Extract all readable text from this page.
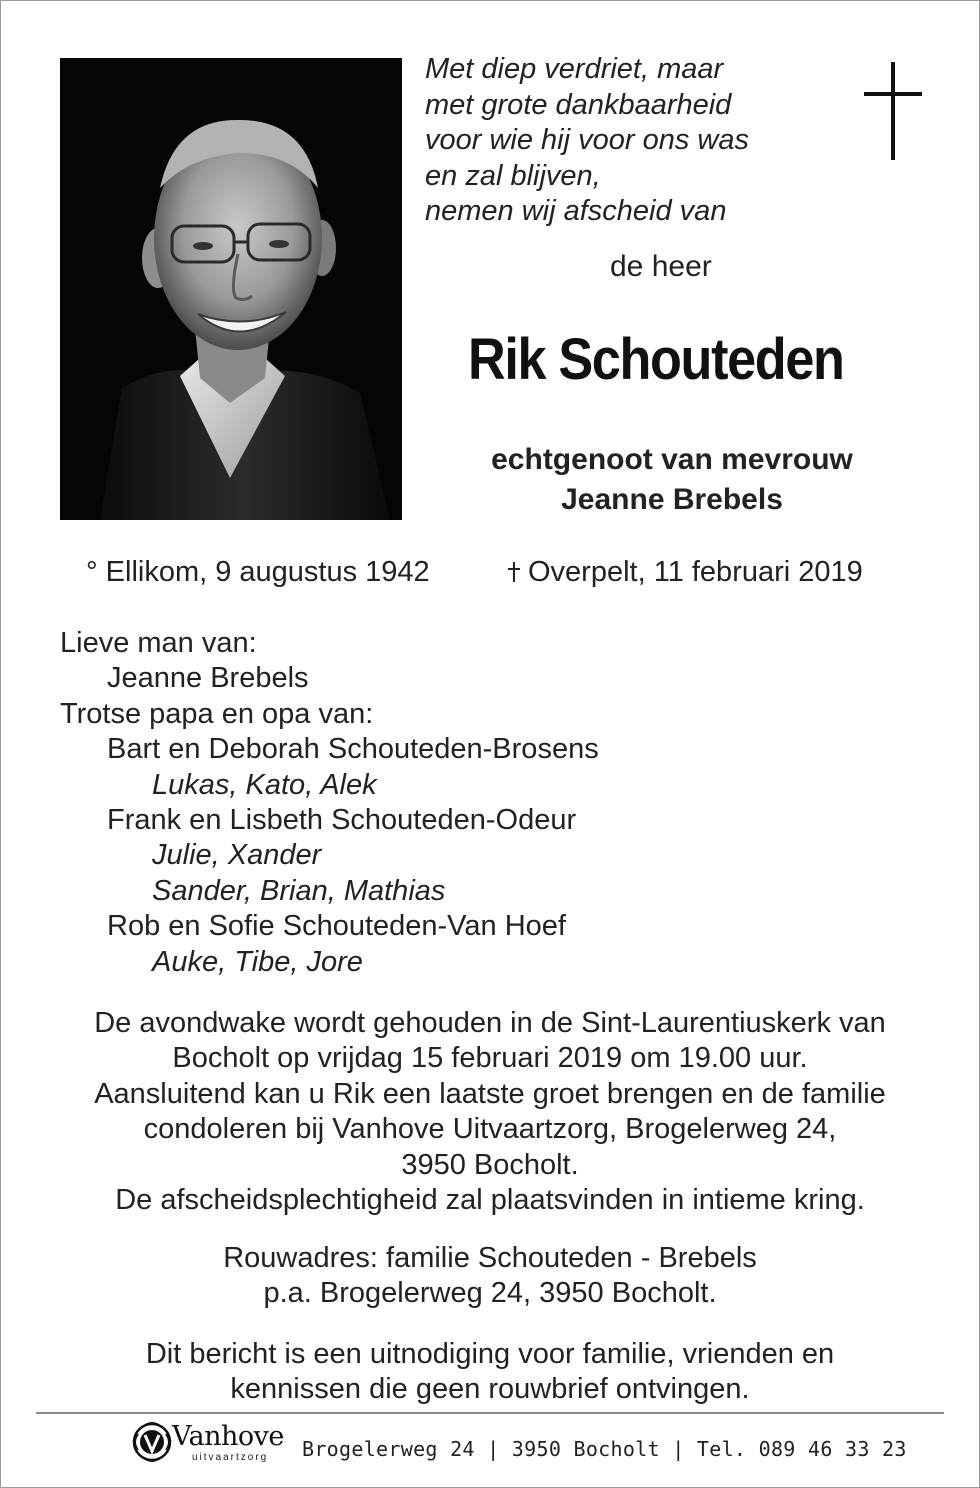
Met diep verdriet, maar
met grote dankbaarheid
voor wie hij voor ons was
en zal blijven,
nemen wij afscheid van
de heer
Rik Schouteden
echtgenoot van mevrouw
Jeanne Brebels
° Ellikom, 9 augustus 1942	Overpelt, 11 februari 2019
Lieve man van:
Jeanne Brebels
Trotse papa en opa van:
Bart en Deborah Schouteden-Brosens
Lukas, Kato, Alek
Frank en Lisbeth Schouteden-Odeur
Julie, Xander
Sander, Brian, Mathias
Rob en Sofie Schouteden-Van Hoef
Auke, Tibe, Jore
De avondwake wordt gehouden in de Sint-Laurentiuskerk van
Bocholt op vrijdag 15 februari 2019 om 19.00 uur.
Aansluitend kan u Rik een laatste groet brengen en de familie
condoleren bij Vanhove Uitvaartzorg, Brogelerweg 24,
3950 Bocholt.
De afscheidsplechtigheid zal plaatsvinden in intieme kring.
Rouwadres: familie Schouteden - Brebels
p.a. Brogelerweg 24, 3950 Bocholt.
Dit bericht is een uitnodiging voor familie, vrienden en
kennissen die geen rouwbrief ontvingen.
Vanhove
uitvaartzorg Brogelerweg 24 | 3950 Bocholt | Tel. 089 46 33 23
